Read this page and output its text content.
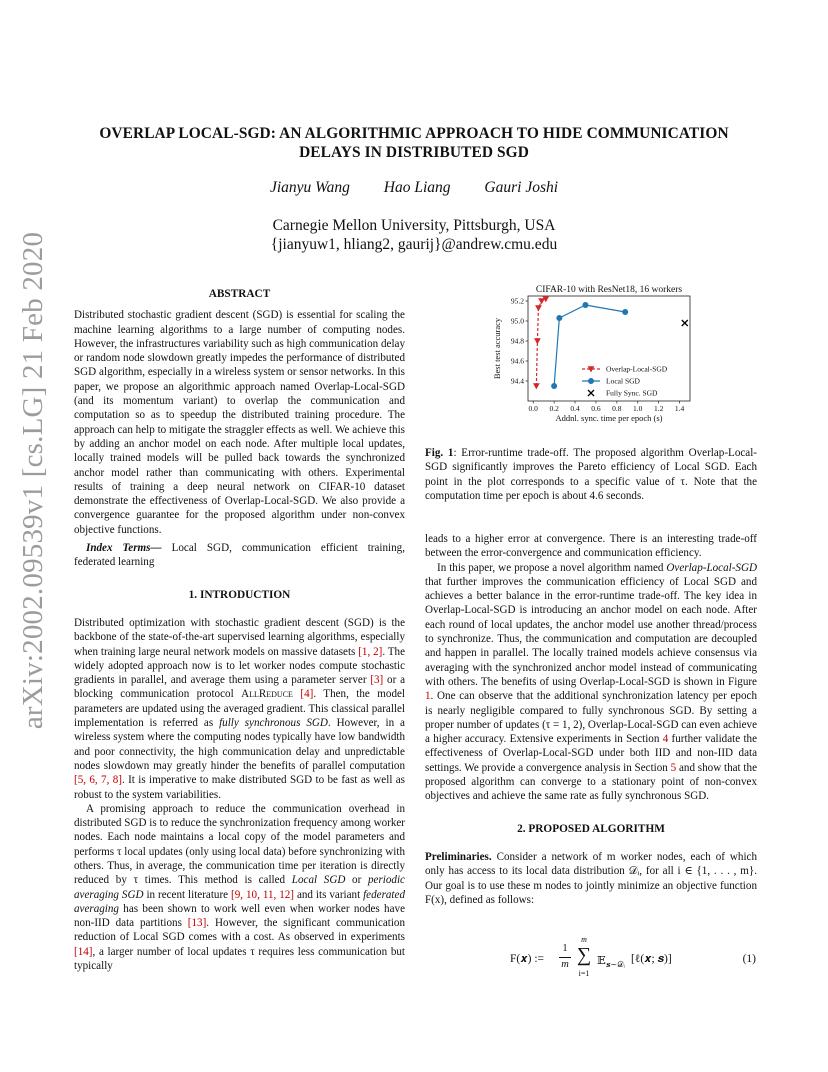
arXiv:2002.09539v1 [cs.LG] 21 Feb 2020
OVERLAP LOCAL-SGD: AN ALGORITHMIC APPROACH TO HIDE COMMUNICATION
DELAYS IN DISTRIBUTED SGD
Jianyu Wang Hao Liang Gauri Joshi
Carnegie Mellon University, Pittsburgh, USA
{jianyuw1, hliang2, gaurij}@andrew.cmu.edu

ABSTRACT

Distributed stochastic gradient descent (SGD) is essential for scaling the machine learning algorithms to a large number of computing nodes. However, the infrastructures variability such as high communication delay or random node slowdown greatly impedes the performance of distributed SGD algorithm, especially in a wireless system or sensor networks. In this paper, we propose an algorithmic approach named Overlap-Local-SGD (and its momentum variant) to overlap the communication and computation so as to speedup the distributed training procedure. The approach can help to mitigate the straggler effects as well. We achieve this by adding an anchor model on each node. After multiple local updates, locally trained models will be pulled back towards the synchronized anchor model rather than communicating with others. Experimental results of training a deep neural network on CIFAR-10 dataset demonstrate the effectiveness of Overlap-Local-SGD. We also provide a convergence guarantee for the proposed algorithm under non-convex objective functions.

Index Terms— Local SGD, communication efficient training, federated learning

1. INTRODUCTION

Distributed optimization with stochastic gradient descent (SGD) is the backbone of the state-of-the-art supervised learning algorithms, especially when training large neural network models on massive datasets [1, 2]. The widely adopted approach now is to let worker nodes compute stochastic gradients in parallel, and average them using a parameter server [3] or a blocking communication protocol AllReduce [4]. Then, the model parameters are updated using the averaged gradient. This classical parallel implementation is referred as fully synchronous SGD. However, in a wireless system where the computing nodes typically have low bandwidth and poor connectivity, the high communication delay and unpredictable nodes slowdown may greatly hinder the benefits of parallel computation [5, 6, 7, 8]. It is imperative to make distributed SGD to be fast as well as robust to the system variabilities.

A promising approach to reduce the communication overhead in distributed SGD is to reduce the synchronization frequency among worker nodes. Each node maintains a local copy of the model parameters and performs τ local updates (only using local data) before synchronizing with others. Thus, in average, the communication time per iteration is directly reduced by τ times. This method is called Local SGD or periodic averaging SGD in recent literature [9, 10, 11, 12] and its variant federated averaging has been shown to work well even when worker nodes have non-IID data partitions [13]. However, the significant communication reduction of Local SGD comes with a cost. As observed in experiments [14], a larger number of local updates τ requires less communication but typically

CIFAR-10 with ResNet18, 16 workers
0.0 0.2 0.4 0.6 0.8 1.0 1.2 1.4
94.4
94.6
94.8
95.0
95.2
Addnl. sync. time per epoch (s)
Best test accuracy	Overlap-Local-SGD
Local SGD
Fully Sync. SGD
Fig. 1: Error-runtime trade-off. The proposed algorithm Overlap-Local-SGD significantly improves the Pareto efficiency of Local SGD. Each point in the plot corresponds to a specific value of τ. Note that the computation time per epoch is about 4.6 seconds.

leads to a higher error at convergence. There is an interesting trade-off between the error-convergence and communication efficiency.

In this paper, we propose a novel algorithm named Overlap-Local-SGD that further improves the communication efficiency of Local SGD and achieves a better balance in the error-runtime trade-off. The key idea in Overlap-Local-SGD is introducing an anchor model on each node. After each round of local updates, the anchor model use another thread/process to synchronize. Thus, the communication and computation are decoupled and happen in parallel. The locally trained models achieve consensus via averaging with the synchronized anchor model instead of communicating with others. The benefits of using Overlap-Local-SGD is shown in Figure 1. One can observe that the additional synchronization latency per epoch is nearly negligible compared to fully synchronous SGD. By setting a proper number of updates (τ = 1, 2), Overlap-Local-SGD can even achieve a higher accuracy. Extensive experiments in Section 4 further validate the effectiveness of Overlap-Local-SGD under both IID and non-IID data settings. We provide a convergence analysis in Section 5 and show that the proposed algorithm can converge to a stationary point of non-convex objectives and achieve the same rate as fully synchronous SGD.

2. PROPOSED ALGORITHM

Preliminaries. Consider a network of m worker nodes, each of which only has access to its local data distribution 𝒟ᵢ, for all i ∈ {1, . . . , m}. Our goal is to use these m nodes to jointly minimize an objective function F(x), defined as follows:

F(𝒙) :=
1
m
m
∑
i=1
𝔼 𝒔∼𝒟ᵢ [ℓ(𝒙; 𝒔)]	(1)
